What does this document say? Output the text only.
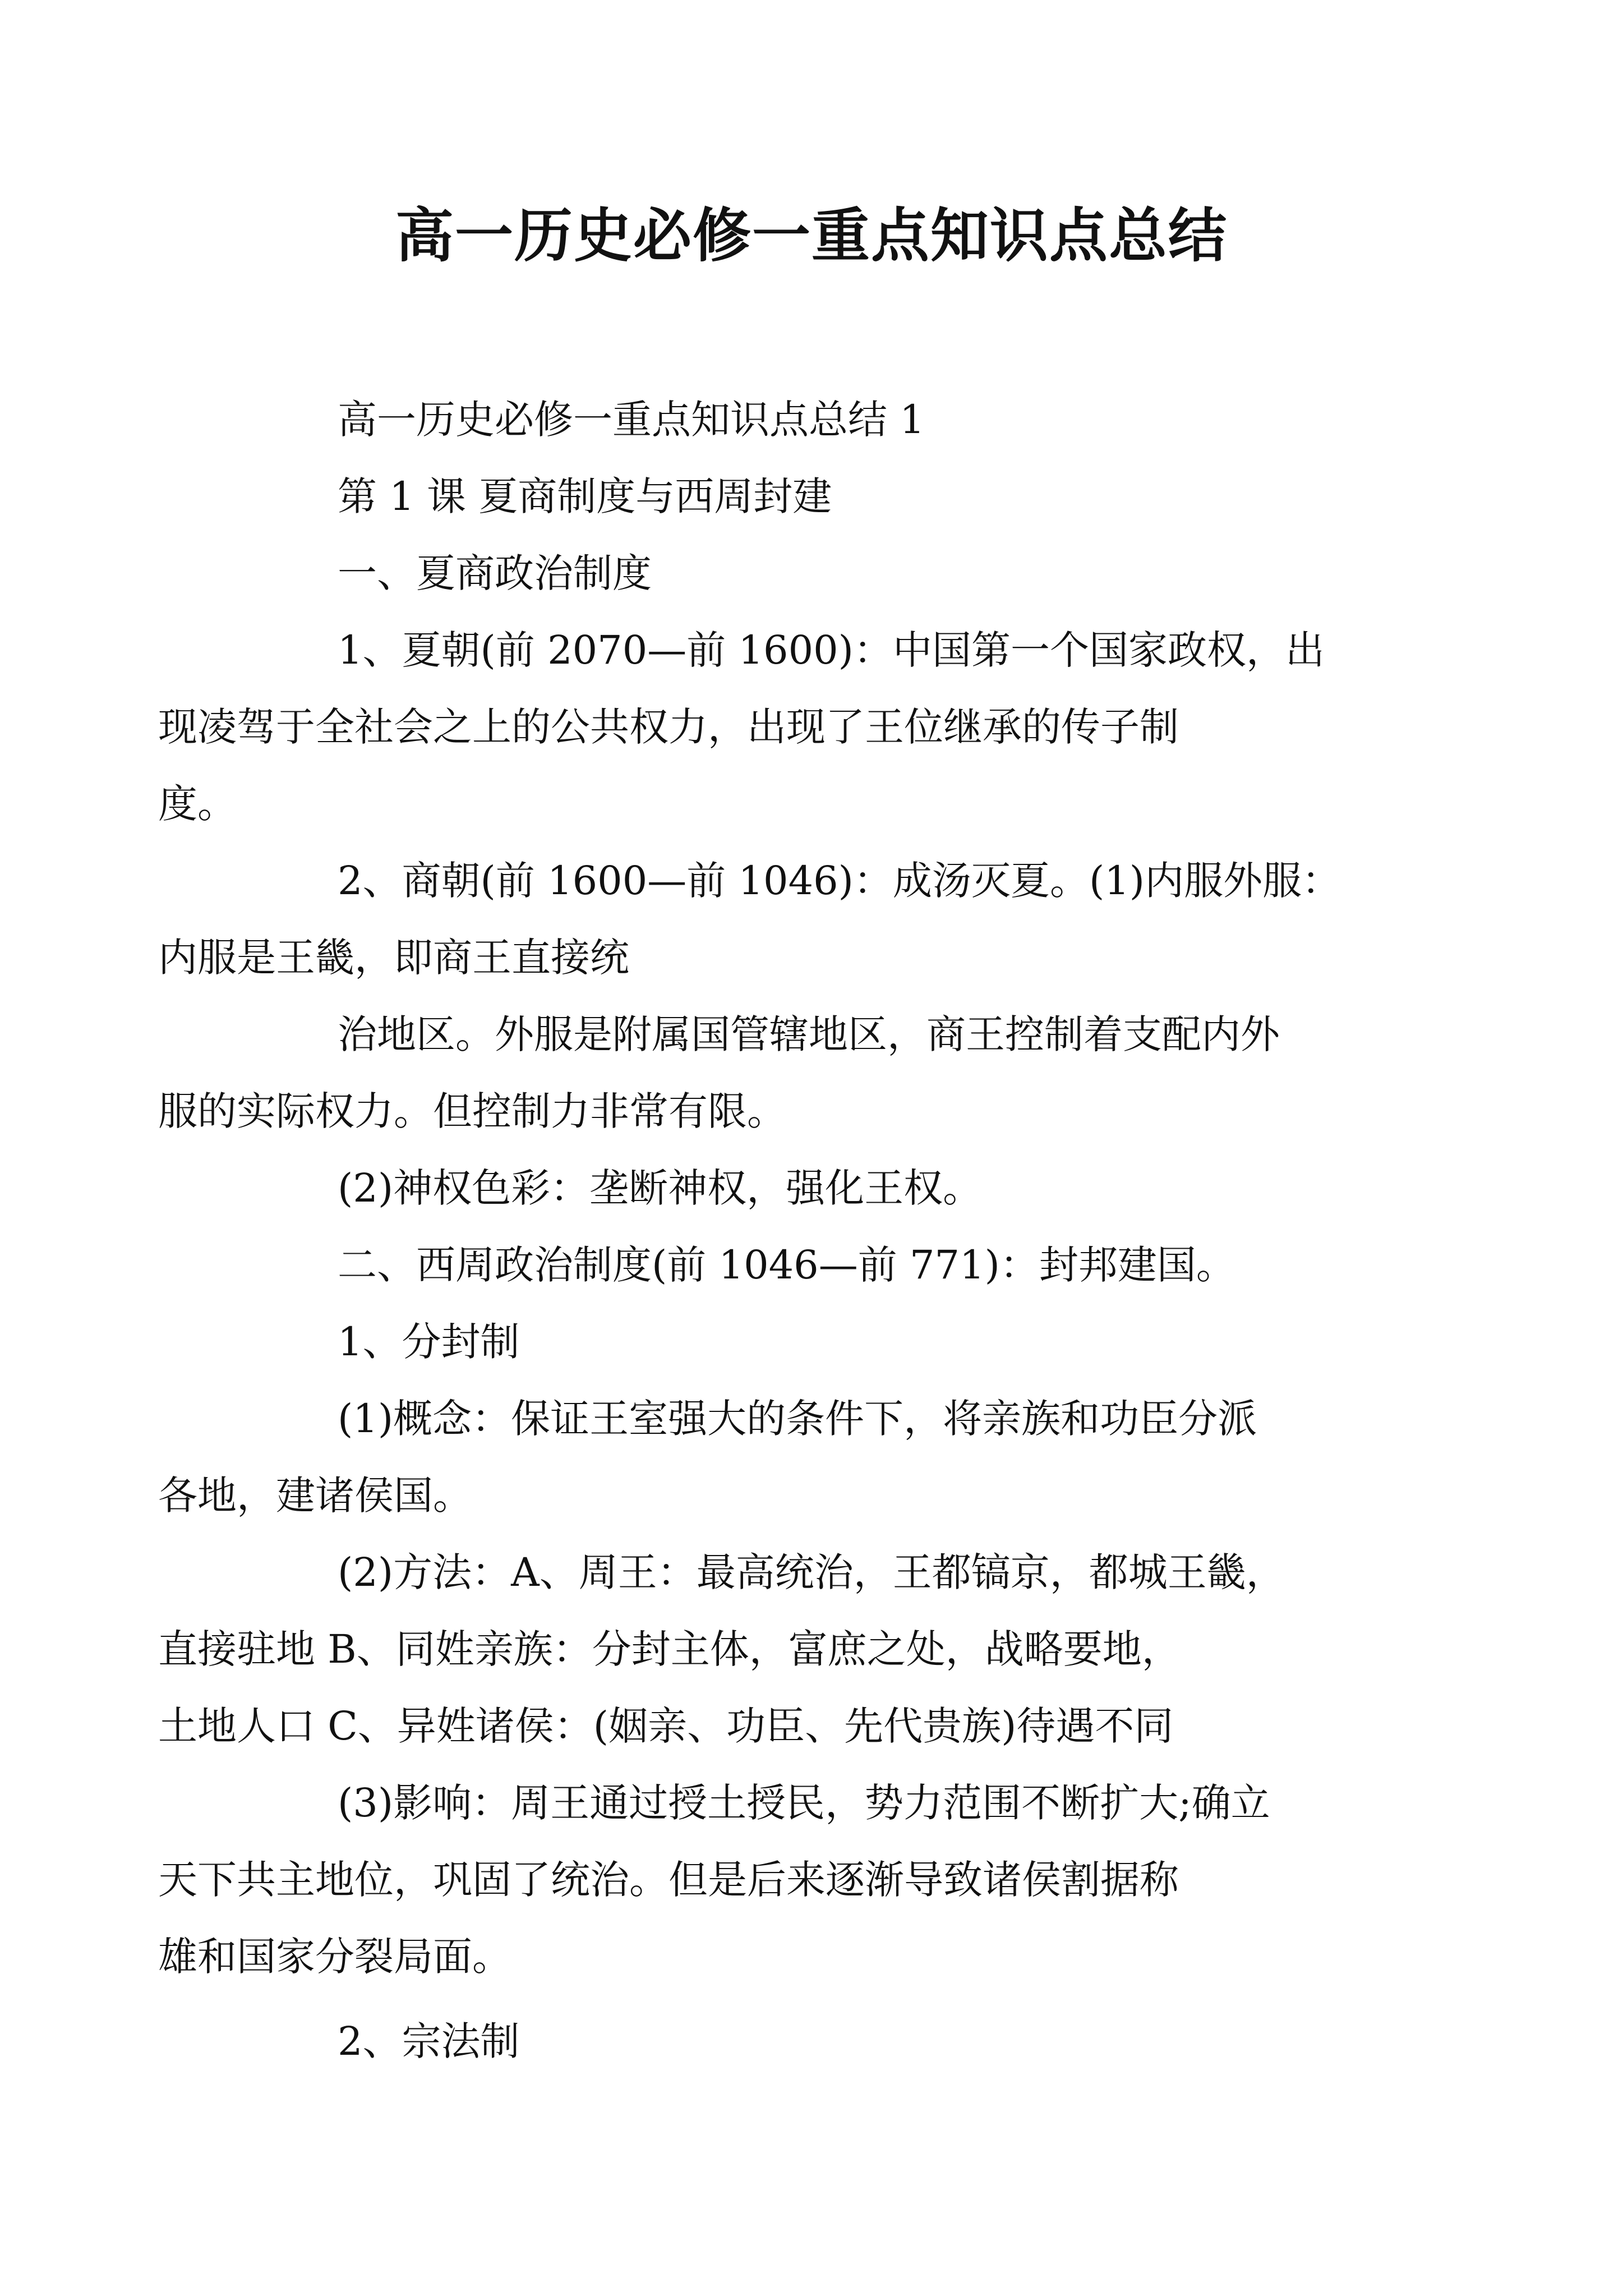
高一历史必修一重点知识点总结

高一历史必修一重点知识点总结 1

第 1 课 夏商制度与西周封建

一、夏商政治制度

1、夏朝(前 2070—前 1600)：中国第一个国家政权，出
现凌驾于全社会之上的公共权力，出现了王位继承的传子制
度。

2、商朝(前 1600—前 1046)：成汤灭夏。(1)内服外服：
内服是王畿，即商王直接统

治地区。外服是附属国管辖地区，商王控制着支配内外
服的实际权力。但控制力非常有限。

(2)神权色彩：垄断神权，强化王权。

二、西周政治制度(前 1046—前 771)：封邦建国。

1、分封制

(1)概念：保证王室强大的条件下，将亲族和功臣分派
各地，建诸侯国。

(2)方法：A、周王：最高统治，王都镐京，都城王畿，
直接驻地 B、同姓亲族：分封主体，富庶之处，战略要地，
土地人口 C、异姓诸侯：(姻亲、功臣、先代贵族)待遇不同

(3)影响：周王通过授土授民，势力范围不断扩大;确立
天下共主地位，巩固了统治。但是后来逐渐导致诸侯割据称
雄和国家分裂局面。

2、宗法制
